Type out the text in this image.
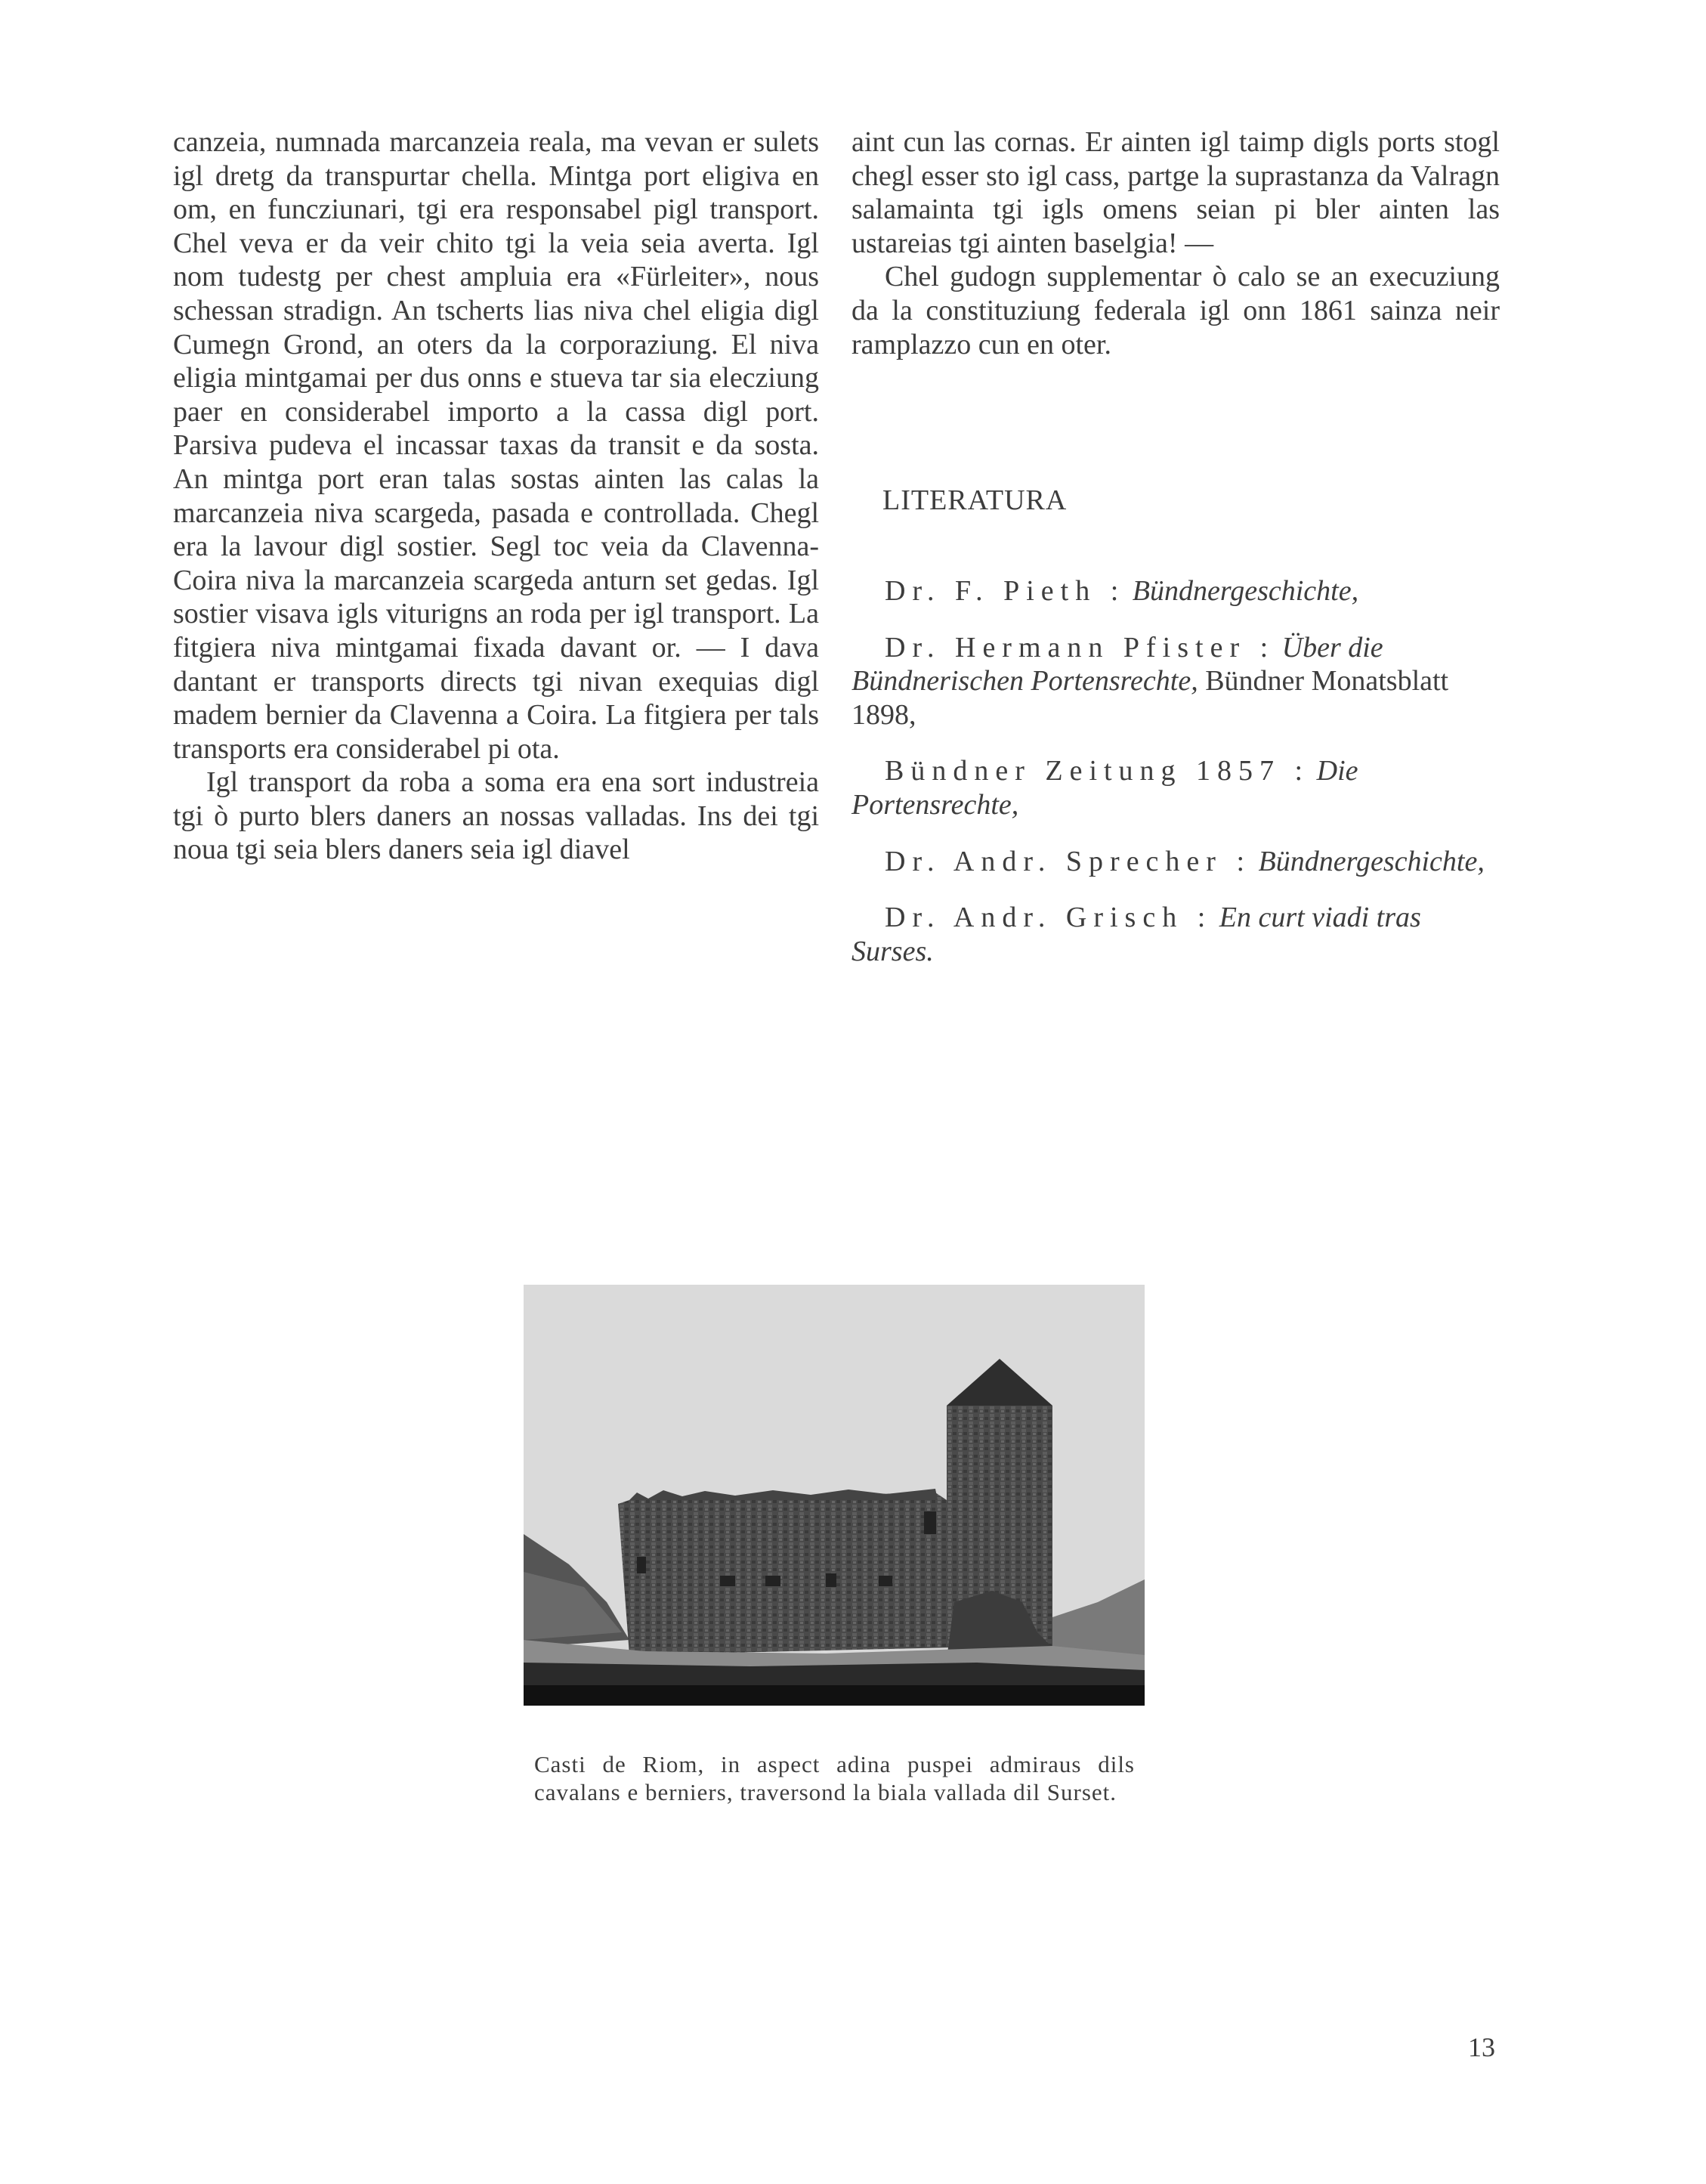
canzeia, numnada marcanzeia reala, ma vevan er sulets igl dretg da transpurtar chella. Mintga port eligiva en om, en funcziunari, tgi era responsabel pigl transport. Chel veva er da veir chito tgi la veia seia averta. Igl nom tudestg per chest ampluia era «Fürleiter», nous schessan stradign. An tscherts lias niva chel eligia digl Cumegn Grond, an oters da la corporaziung. El niva eligia mintgamai per dus onns e stueva tar sia elecziung paer en considerabel importo a la cassa digl port. Parsiva pudeva el incassar taxas da transit e da sosta. An mintga port eran talas sostas ainten las calas la marcanzeia niva scargeda, pasada e controllada. Chegl era la lavour digl sostier. Segl toc veia da Clavenna-Coira niva la marcanzeia scargeda anturn set gedas. Igl sostier visava igls viturigns an roda per igl transport. La fitgiera niva mintgamai fixada davant or. — I dava dantant er transports directs tgi nivan exequias digl madem bernier da Clavenna a Coira. La fitgiera per tals transports era considerabel pi ota.

Igl transport da roba a soma era ena sort industreia tgi ò purto blers daners an nossas valladas. Ins dei tgi noua tgi seia blers daners seia igl diavel

aint cun las cornas. Er ainten igl taimp digls ports stogl chegl esser sto igl cass, partge la suprastanza da Valragn salamainta tgi igls omens seian pi bler ainten las ustareias tgi ainten baselgia! —

Chel gudogn supplementar ò calo se an execuziung da la constituziung federala igl onn 1861 sainza neir ramplazzo cun en oter.

LITERATURA

Dr. F. Pieth : Bündnergeschichte,

Dr. Hermann Pfister : Über die Bündnerischen Portensrechte, Bündner Monatsblatt 1898,

Bündner Zeitung 1857 : Die Portensrechte,

Dr. Andr. Sprecher : Bündnergeschichte,

Dr. Andr. Grisch : En curt viadi tras Surses.

Casti de Riom, in aspect adina puspei admiraus dils cavalans e berniers, traversond la biala vallada dil Surset.

13
